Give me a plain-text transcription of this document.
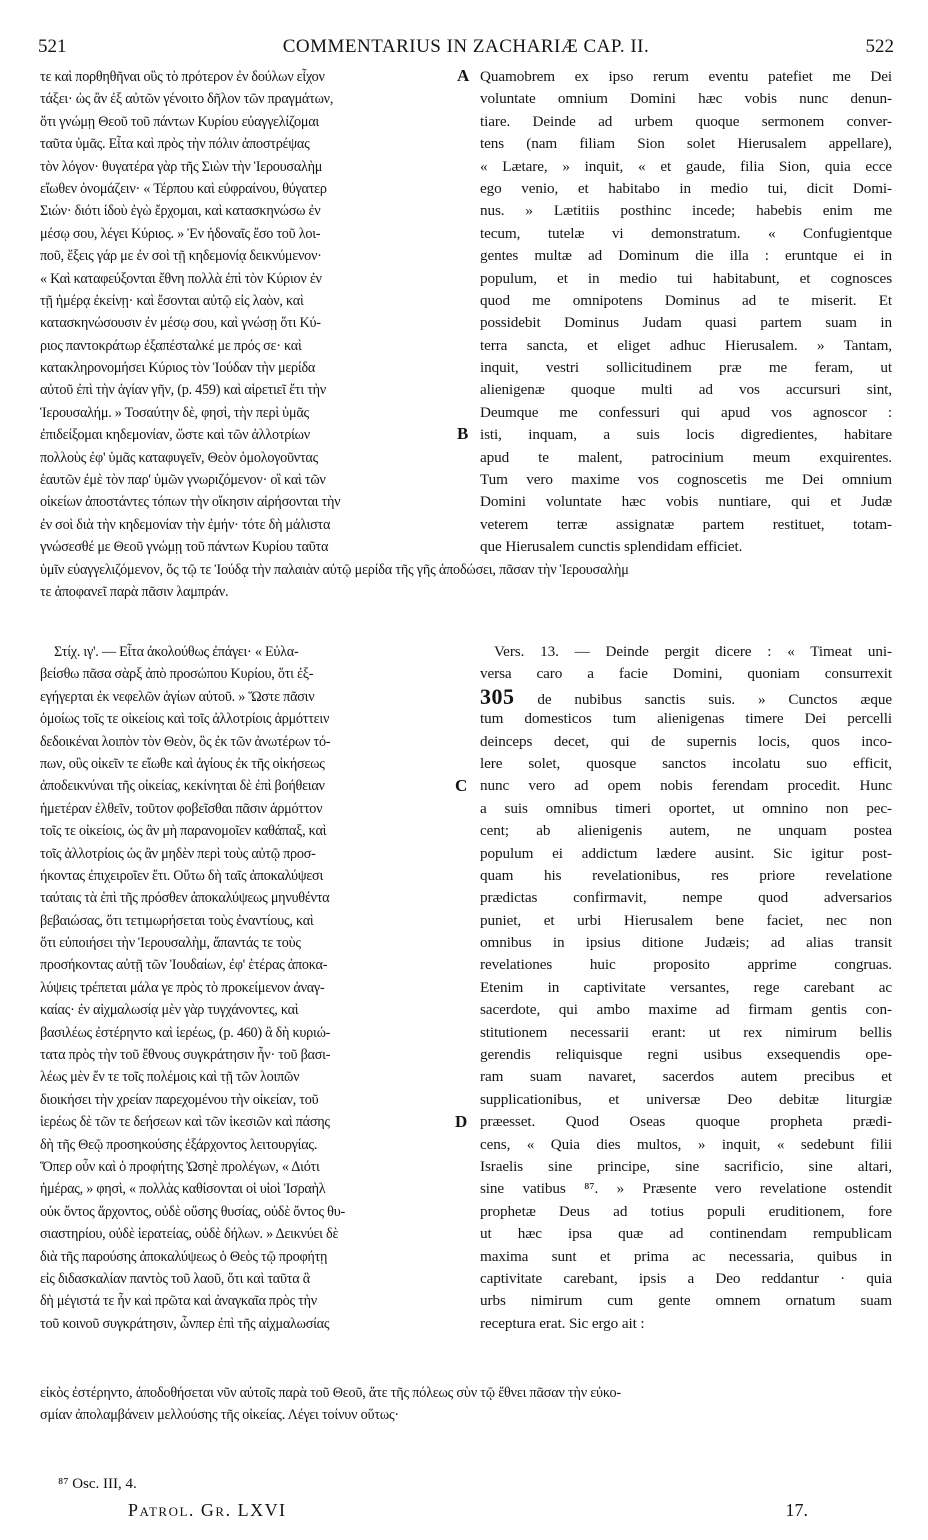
521	COMMENTARIUS IN ZACHARIÆ CAP. II.	522
τε καὶ πορθηθῆναι οὓς τὸ πρότερον ἐν δούλων εἶχον
τάξει· ὡς ἂν ἐξ αὐτῶν γένοιτο δῆλον τῶν πραγμάτων,
ὅτι γνώμῃ Θεοῦ τοῦ πάντων Κυρίου εὐαγγελίζομαι
ταῦτα ὑμᾶς. Εἶτα καὶ πρὸς τὴν πόλιν ἀποστρέψας
τὸν λόγον· θυγατέρα γὰρ τῆς Σιὼν τὴν Ἱερουσαλὴμ
εἴωθεν ὀνομάζειν· « Τέρπου καὶ εὐφραίνου, θύγατερ
Σιών· διότι ἰδοὺ ἐγὼ ἔρχομαι, καὶ κατασκηνώσω ἐν
μέσῳ σου, λέγει Κύριος. » Ἐν ἡδοναῖς ἔσο τοῦ λοι-
ποῦ, ἕξεις γάρ με ἐν σοὶ τῇ κηδεμονίᾳ δεικνύμενον·
« Καὶ καταφεύξονται ἔθνη πολλὰ ἐπὶ τὸν Κύριον ἐν
τῇ ἡμέρᾳ ἐκείνῃ· καὶ ἔσονται αὐτῷ εἰς λαὸν, καὶ
κατασκηνώσουσιν ἐν μέσῳ σου, καὶ γνώσῃ ὅτι Κύ-
ριος παντοκράτωρ ἐξαπέσταλκέ με πρός σε· καὶ
κατακληρονομήσει Κύριος τὸν Ἰούδαν τὴν μερίδα
αὐτοῦ ἐπὶ τὴν ἁγίαν γῆν, (p. 459) καὶ αἱρετιεῖ ἔτι τὴν
Ἱερουσαλήμ. » Τοσαύτην δὲ, φησὶ, τὴν περὶ ὑμᾶς
ἐπιδείξομαι κηδεμονίαν, ὥστε καὶ τῶν ἀλλοτρίων
πολλοὺς ἐφ' ὑμᾶς καταφυγεῖν, Θεὸν ὁμολογοῦντας
ἑαυτῶν ἐμὲ τὸν παρ' ὑμῶν γνωριζόμενον· οἳ καὶ τῶν
οἰκείων ἀποστάντες τόπων τὴν οἴκησιν αἱρήσονται τὴν
ἐν σοὶ διὰ τὴν κηδεμονίαν τὴν ἐμήν· τότε δὴ μάλιστα
γνώσεσθέ με Θεοῦ γνώμῃ τοῦ πάντων Κυρίου ταῦτα
Quamobrem ex ipso rerum eventu patefiet me Dei
voluntate omnium Domini hæc vobis nunc denun-
tiare. Deinde ad urbem quoque sermonem conver-
tens (nam filiam Sion solet Hierusalem appellare),
« Lætare, » inquit, « et gaude, filia Sion, quia ecce
ego venio, et habitabo in medio tui, dicit Domi-
nus. » Lætitiis posthinc incede; habebis enim me
tecum, tutelæ vi demonstratum. « Confugientque
gentes multæ ad Dominum die illa : eruntque ei in
populum, et in medio tui habitabunt, et cognosces
quod me omnipotens Dominus ad te miserit. Et
possidebit Dominus Judam quasi partem suam in
terra sancta, et eliget adhuc Hierusalem. » Tantam,
inquit, vestri sollicitudinem præ me feram, ut
alienigenæ quoque multi ad vos accursuri sint,
Deumque me confessuri qui apud vos agnoscor :
isti, inquam, a suis locis digredientes, habitare
apud te malent, patrocinium meum exquirentes.
Tum vero maxime vos cognoscetis me Dei omnium
Domini voluntate hæc vobis nuntiare, qui et Judæ
veterem terræ assignatæ partem restituet, totam-
que Hierusalem cunctis splendidam efficiet.
A
B
ὑμῖν εὐαγγελιζόμενον, ὅς τῷ τε Ἰούδᾳ τὴν παλαιὰν αὐτῷ μερίδα τῆς γῆς ἀποδώσει, πᾶσαν τὴν Ἱερουσαλὴμ
τε ἀποφανεῖ παρὰ πᾶσιν λαμπράν.
Στίχ. ιγ'. — Εἶτα ἀκολούθως ἐπάγει· « Εὐλα-
βείσθω πᾶσα σὰρξ ἀπὸ προσώπου Κυρίου, ὅτι ἐξ-
εγήγερται ἐκ νεφελῶν ἁγίων αὐτοῦ. » Ὥστε πᾶσιν
ὁμοίως τοῖς τε οἰκείοις καὶ τοῖς ἀλλοτρίοις ἁρμόττειν
δεδοικέναι λοιπὸν τὸν Θεὸν, ὃς ἐκ τῶν ἀνωτέρων τό-
πων, οὓς οἰκεῖν τε εἴωθε καὶ ἁγίους ἐκ τῆς οἰκήσεως
ἀποδεικνύναι τῆς οἰκείας, κεκίνηται δὲ ἐπὶ βοήθειαν
ἡμετέραν ἐλθεῖν, τοῦτον φοβεῖσθαι πᾶσιν ἁρμόττον
τοῖς τε οἰκείοις, ὡς ἂν μὴ παρανομοῖεν καθάπαξ, καὶ
τοῖς ἀλλοτρίοις ὡς ἂν μηδὲν περὶ τοὺς αὐτῷ προσ-
ήκοντας ἐπιχειροῖεν ἔτι. Οὕτω δὴ ταῖς ἀποκαλύψεσι
ταύταις τὰ ἐπὶ τῆς πρόσθεν ἀποκαλύψεως μηνυθέντα
βεβαιώσας, ὅτι τετιμωρήσεται τοὺς ἐναντίους, καὶ
ὅτι εὐποιήσει τὴν Ἱερουσαλὴμ, ἅπαντάς τε τοὺς
προσήκοντας αὐτῇ τῶν Ἰουδαίων, ἐφ' ἑτέρας ἀποκα-
λύψεις τρέπεται μάλα γε πρὸς τὸ προκείμενον ἀναγ-
καίας· ἐν αἰχμαλωσίᾳ μὲν γὰρ τυγχάνοντες, καὶ
βασιλέως ἐστέρηντο καὶ ἱερέως, (p. 460) ἃ δὴ κυριώ-
τατα πρὸς τὴν τοῦ ἔθνους συγκράτησιν ἦν· τοῦ βασι-
λέως μὲν ἔν τε τοῖς πολέμοις καὶ τῇ τῶν λοιπῶν
διοικήσει τὴν χρείαν παρεχομένου τὴν οἰκείαν, τοῦ
ἱερέως δὲ τῶν τε δεήσεων καὶ τῶν ἱκεσιῶν καὶ πάσης
δὴ τῆς Θεῷ προσηκούσης ἐξάρχοντος λειτουργίας.
Ὅπερ οὖν καὶ ὁ προφήτης Ὠσηὲ προλέγων, « Διότι
ἡμέρας, » φησὶ, « πολλὰς καθίσονται οἱ υἱοὶ Ἰσραὴλ
οὐκ ὄντος ἄρχοντος, οὐδὲ οὔσης θυσίας, οὐδὲ ὄντος θυ-
σιαστηρίου, οὐδὲ ἱερατείας, οὐδὲ δήλων. » Δεικνύει δὲ
διὰ τῆς παρούσης ἀποκαλύψεως ὁ Θεὸς τῷ προφήτῃ
εἰς διδασκαλίαν παντὸς τοῦ λαοῦ, ὅτι καὶ ταῦτα ἃ
δὴ μέγιστά τε ἦν καὶ πρῶτα καὶ ἀναγκαῖα πρὸς τὴν
τοῦ κοινοῦ συγκράτησιν, ὧνπερ ἐπὶ τῆς αἰχμαλωσίας
Vers. 13. — Deinde pergit dicere : « Timeat uni-
versa caro a facie Domini, quoniam consurrexit
305 de nubibus sanctis suis. » Cunctos æque
tum domesticos tum alienigenas timere Dei percelli
deinceps decet, qui de supernis locis, quos inco-
lere solet, quosque sanctos incolatu suo efficit,
nunc vero ad opem nobis ferendam procedit. Hunc
a suis omnibus timeri oportet, ut omnino non pec-
cent; ab alienigenis autem, ne unquam postea
populum ei addictum lædere ausint. Sic igitur post-
quam his revelationibus, res priore revelatione
prædictas confirmavit, nempe quod adversarios
puniet, et urbi Hierusalem bene faciet, nec non
omnibus in ipsius ditione Judæis; ad alias transit
revelationes huic proposito apprime congruas.
Etenim in captivitate versantes, rege carebant ac
sacerdote, qui ambo maxime ad firmam gentis con-
stitutionem necessarii erant: ut rex nimirum bellis
gerendis reliquisque regni usibus exsequendis ope-
ram suam navaret, sacerdos autem precibus et
supplicationibus, et universæ Deo debitæ liturgiæ
præesset. Quod Oseas quoque propheta prædi-
cens, « Quia dies multos, » inquit, « sedebunt filii
Israelis sine principe, sine sacrificio, sine altari,
sine vatibus ⁸⁷. » Præsente vero revelatione ostendit
prophetæ Deus ad totius populi eruditionem, fore
ut hæc ipsa quæ ad continendam rempublicam
maxima sunt et prima ac necessaria, quibus in
captivitate carebant, ipsis a Deo reddantur · quia
urbs nimirum cum gente omnem ornatum suam
receptura erat. Sic ergo ait :
C
D
εἰκὸς ἐστέρηντο, ἀποδοθήσεται νῦν αὐτοῖς παρὰ τοῦ Θεοῦ, ἅτε τῆς πόλεως σὺν τῷ ἔθνει πᾶσαν τὴν εὐκο-
σμίαν ἀπολαμβάνειν μελλούσης τῆς οἰκείας. Λέγει τοίνυν οὕτως·
⁸⁷ Osc. III, 4.
Patrol. Gr. LXVI	17.
